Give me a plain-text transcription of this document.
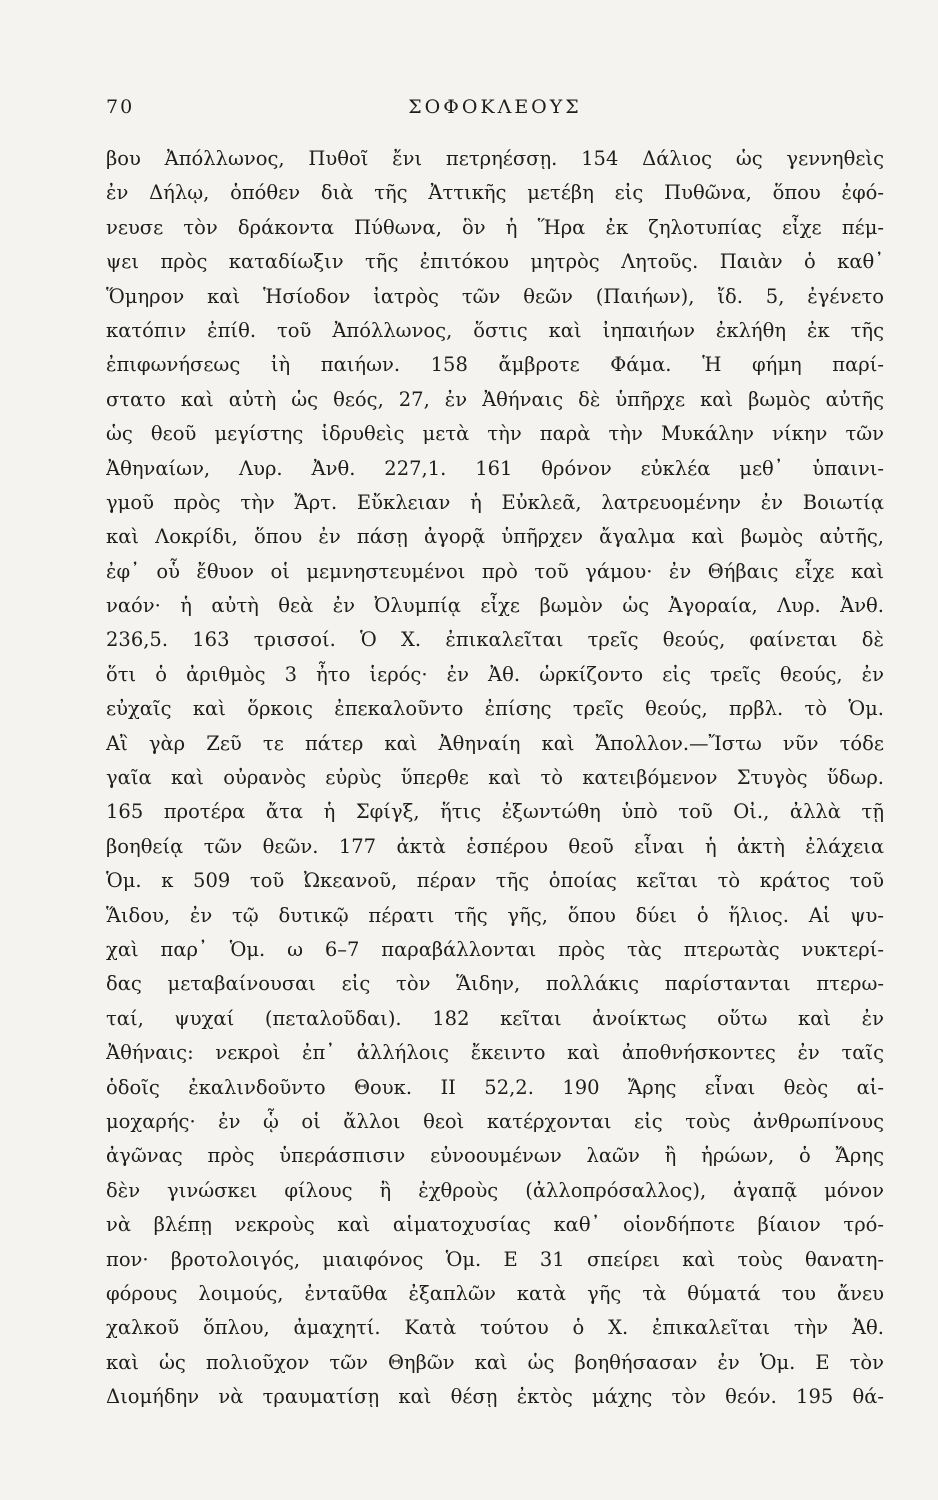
70	ΣΟΦΟΚΛΕΟΥΣ
βου Ἀπόλλωνος, Πυθοῖ ἔνι πετρηέσσῃ. 154 Δάλιος ὡς γεννηθεὶς
ἐν Δήλῳ, ὁπόθεν διὰ τῆς Ἀττικῆς μετέβη εἰς Πυθῶνα, ὅπου ἐφό-
νευσε τὸν δράκοντα Πύθωνα, ὃν ἡ Ἥρα ἐκ ζηλοτυπίας εἶχε πέμ-
ψει πρὸς καταδίωξιν τῆς ἐπιτόκου μητρὸς Λητοῦς. Παιὰν ὁ καθ᾽
Ὅμηρον καὶ Ἡσίοδον ἰατρὸς τῶν θεῶν (Παιήων), ἴδ. 5, ἐγένετο
κατόπιν ἐπίθ. τοῦ Ἀπόλλωνος, ὅστις καὶ ἰηπαιήων ἐκλήθη ἐκ τῆς
ἐπιφωνήσεως ἰὴ παιήων. 158 ἄμβροτε Φάμα. Ἡ φήμη παρί-
στατο καὶ αὐτὴ ὡς θεός, 27, ἐν Ἀθήναις δὲ ὑπῆρχε καὶ βωμὸς αὐτῆς
ὡς θεοῦ μεγίστης ἱδρυθεὶς μετὰ τὴν παρὰ τὴν Μυκάλην νίκην τῶν
Ἀθηναίων, Λυρ. Ἀνθ. 227,1. 161 θρόνον εὐκλέα μεθ᾽ ὑπαινι-
γμοῦ πρὸς τὴν Ἄρτ. Εὔκλειαν ἡ Εὐκλεᾶ, λατρευομένην ἐν Βοιωτίᾳ
καὶ Λοκρίδι, ὅπου ἐν πάσῃ ἀγορᾷ ὑπῆρχεν ἄγαλμα καὶ βωμὸς αὐτῆς,
ἐφ᾽ οὗ ἔθυον οἱ μεμνηστευμένοι πρὸ τοῦ γάμου· ἐν Θήβαις εἶχε καὶ
ναόν· ἡ αὐτὴ θεὰ ἐν Ὀλυμπίᾳ εἶχε βωμὸν ὡς Ἀγοραία, Λυρ. Ἀνθ.
236,5. 163 τρισσοί. Ὁ Χ. ἐπικαλεῖται τρεῖς θεούς, φαίνεται δὲ
ὅτι ὁ ἀριθμὸς 3 ἦτο ἱερός· ἐν Ἀθ. ὡρκίζοντο εἰς τρεῖς θεούς, ἐν
εὐχαῖς καὶ ὅρκοις ἐπεκαλοῦντο ἐπίσης τρεῖς θεούς, πρβλ. τὸ Ὁμ.
Αἲ γὰρ Ζεῦ τε πάτερ καὶ Ἀθηναίη καὶ Ἄπολλον.—Ἴστω νῦν τόδε
γαῖα καὶ οὐρανὸς εὐρὺς ὕπερθε καὶ τὸ κατειβόμενον Στυγὸς ὕδωρ.
165 προτέρα ἄτα ἡ Σφίγξ, ἥτις ἐξωντώθη ὑπὸ τοῦ Οἰ., ἀλλὰ τῇ
βοηθείᾳ τῶν θεῶν. 177 ἀκτὰ ἑσπέρου θεοῦ εἶναι ἡ ἀκτὴ ἐλάχεια
Ὁμ. κ 509 τοῦ Ὠκεανοῦ, πέραν τῆς ὁποίας κεῖται τὸ κράτος τοῦ
Ἅιδου, ἐν τῷ δυτικῷ πέρατι τῆς γῆς, ὅπου δύει ὁ ἥλιος. Αἱ ψυ-
χαὶ παρ᾽ Ὁμ. ω 6–7 παραβάλλονται πρὸς τὰς πτερωτὰς νυκτερί-
δας μεταβαίνουσαι εἰς τὸν Ἅιδην, πολλάκις παρίστανται πτερω-
ταί, ψυχαί (πεταλοῦδαι). 182 κεῖται ἀνοίκτως οὕτω καὶ ἐν
Ἀθήναις: νεκροὶ ἐπ᾽ ἀλλήλοις ἔκειντο καὶ ἀποθνήσκοντες ἐν ταῖς
ὁδοῖς ἐκαλινδοῦντο Θουκ. II 52,2. 190 Ἄρης εἶναι θεὸς αἱ-
μοχαρής· ἐν ᾧ οἱ ἄλλοι θεοὶ κατέρχονται εἰς τοὺς ἀνθρωπίνους
ἀγῶνας πρὸς ὑπεράσπισιν εὐνοουμένων λαῶν ἢ ἡρώων, ὁ Ἄρης
δὲν γινώσκει φίλους ἢ ἐχθροὺς (ἀλλοπρόσαλλος), ἀγαπᾷ μόνον
νὰ βλέπῃ νεκροὺς καὶ αἱματοχυσίας καθ᾽ οἱονδήποτε βίαιον τρό-
πον· βροτολοιγός, μιαιφόνος Ὁμ. Ε 31 σπείρει καὶ τοὺς θανατη-
φόρους λοιμούς, ἐνταῦθα ἐξαπλῶν κατὰ γῆς τὰ θύματά του ἄνευ
χαλκοῦ ὅπλου, ἀμαχητί. Κατὰ τούτου ὁ Χ. ἐπικαλεῖται τὴν Ἀθ.
καὶ ὡς πολιοῦχον τῶν Θηβῶν καὶ ὡς βοηθήσασαν ἐν Ὁμ. Ε τὸν
Διομήδην νὰ τραυματίσῃ καὶ θέσῃ ἐκτὸς μάχης τὸν θεόν. 195 θά-
